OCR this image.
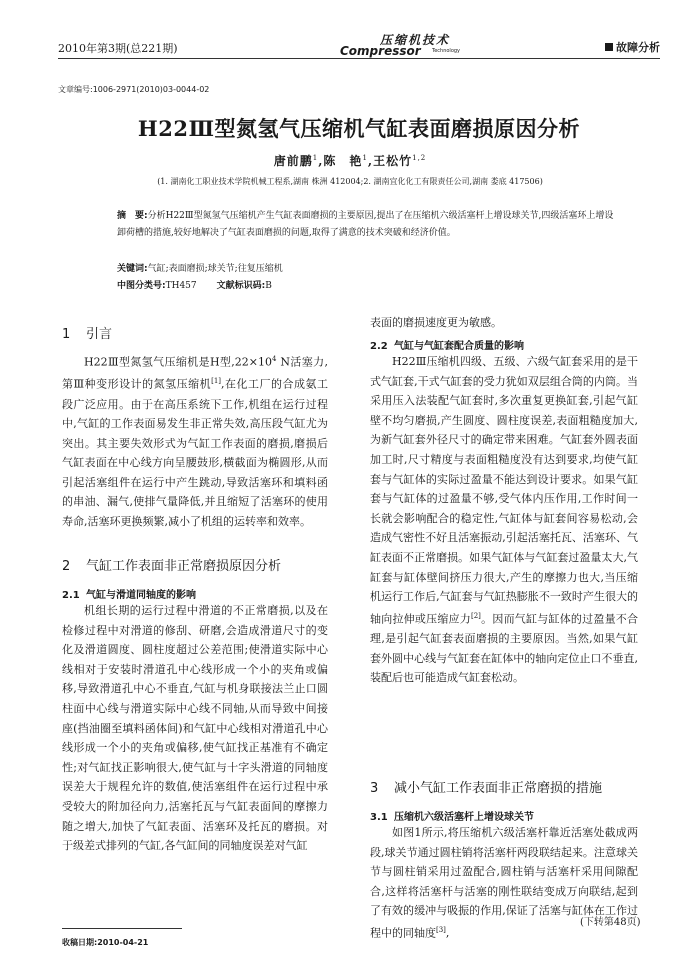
2010年第3期(总221期)
压缩机技术
Compressor Technology	故障分析
文章编号:1006-2971(2010)03-0044-02
H22Ⅲ型氮氢气压缩机气缸表面磨损原因分析
唐前鹏$^1$,陈　艳$^1$,王松竹$^{1,2}$
(1. 湖南化工职业技术学院机械工程系,湖南 株洲 412004;2. 湖南宜化化工有限责任公司,湖南 娄底 417506)
摘　要:分析H22Ⅲ型氮氢气压缩机产生气缸表面磨损的主要原因,提出了在压缩机六级活塞杆上增设球关节,四级活塞环上增设卸荷槽的措施,较好地解决了气缸表面磨损的问题,取得了满意的技术突破和经济价值。
关键词:气缸;表面磨损;球关节;往复压缩机
中图分类号:TH457 文献标识码:B
1 引言

H22Ⅲ型氮氢气压缩机是H型$,22\times 10^4$ N活塞力,第Ⅲ种变形设计的氮氢压缩机[1],在化工厂的合成氨工段广泛应用。由于在高压系统下工作,机组在运行过程中,气缸的工作表面易发生非正常失效,高压段气缸尤为突出。其主要失效形式为气缸工作表面的磨损,磨损后气缸表面在中心线方向呈腰鼓形,横截面为椭圆形,从而引起活塞组件在运行中产生跳动,导致活塞环和填料函的串油、漏气,使排气量降低,并且缩短了活塞环的使用寿命,活塞环更换频繁,减小了机组的运转率和效率。

2 气缸工作表面非正常磨损原因分析
2.1 气缸与滑道同轴度的影响

机组长期的运行过程中滑道的不正常磨损,以及在检修过程中对滑道的修刮、研磨,会造成滑道尺寸的变化及滑道圆度、圆柱度超过公差范围;使滑道实际中心线相对于安装时滑道孔中心线形成一个小的夹角或偏移,导致滑道孔中心不垂直,气缸与机身联接法兰止口圆柱面中心线与滑道实际中心线不同轴,从而导致中间接座(挡油圈至填料函体间)和气缸中心线相对滑道孔中心线形成一个小的夹角或偏移,使气缸找正基准有不确定性;对气缸找正影响很大,使气缸与十字头滑道的同轴度误差大于规程允许的数值,使活塞组件在运行过程中承受较大的附加径向力,活塞托瓦与气缸表面间的摩擦力随之增大,加快了气缸表面、活塞环及托瓦的磨损。对于级差式排列的气缸,各气缸间的同轴度误差对气缸

表面的磨损速度更为敏感。

2.2 气缸与气缸套配合质量的影响

H22Ⅲ压缩机四级、五级、六级气缸套采用的是干式气缸套,干式气缸套的受力犹如双层组合筒的内筒。当采用压入法装配气缸套时,多次重复更换缸套,引起气缸壁不均匀磨损,产生圆度、圆柱度误差,表面粗糙度加大,为新气缸套外径尺寸的确定带来困难。气缸套外圆表面加工时,尺寸精度与表面粗糙度没有达到要求,均使气缸套与气缸体的实际过盈量不能达到设计要求。如果气缸套与气缸体的过盈量不够,受气体内压作用,工作时间一长就会影响配合的稳定性,气缸体与缸套间容易松动,会造成气密性不好且活塞振动,引起活塞托瓦、活塞环、气缸表面不正常磨损。如果气缸体与气缸套过盈量太大,气缸套与缸体壁间挤压力很大,产生的摩擦力也大,当压缩机运行工作后,气缸套与气缸热膨胀不一致时产生很大的轴向拉伸或压缩应力[2]。因而气缸与缸体的过盈量不合理,是引起气缸套表面磨损的主要原因。当然,如果气缸套外圆中心线与气缸套在缸体中的轴向定位止口不垂直,装配后也可能造成气缸套松动。

3 减小气缸工作表面非正常磨损的措施
3.1 压缩机六级活塞杆上增设球关节

如图1所示,将压缩机六级活塞杆靠近活塞处截成两段,球关节通过圆柱销将活塞杆两段联结起来。注意球关节与圆柱销采用过盈配合,圆柱销与活塞杆采用间隙配合,这样将活塞杆与活塞的刚性联结变成万向联结,起到了有效的缓冲与吸振的作用,保证了活塞与缸体在工作过程中的同轴度[3],

(下转第48页)
收稿日期:2010-04-21
